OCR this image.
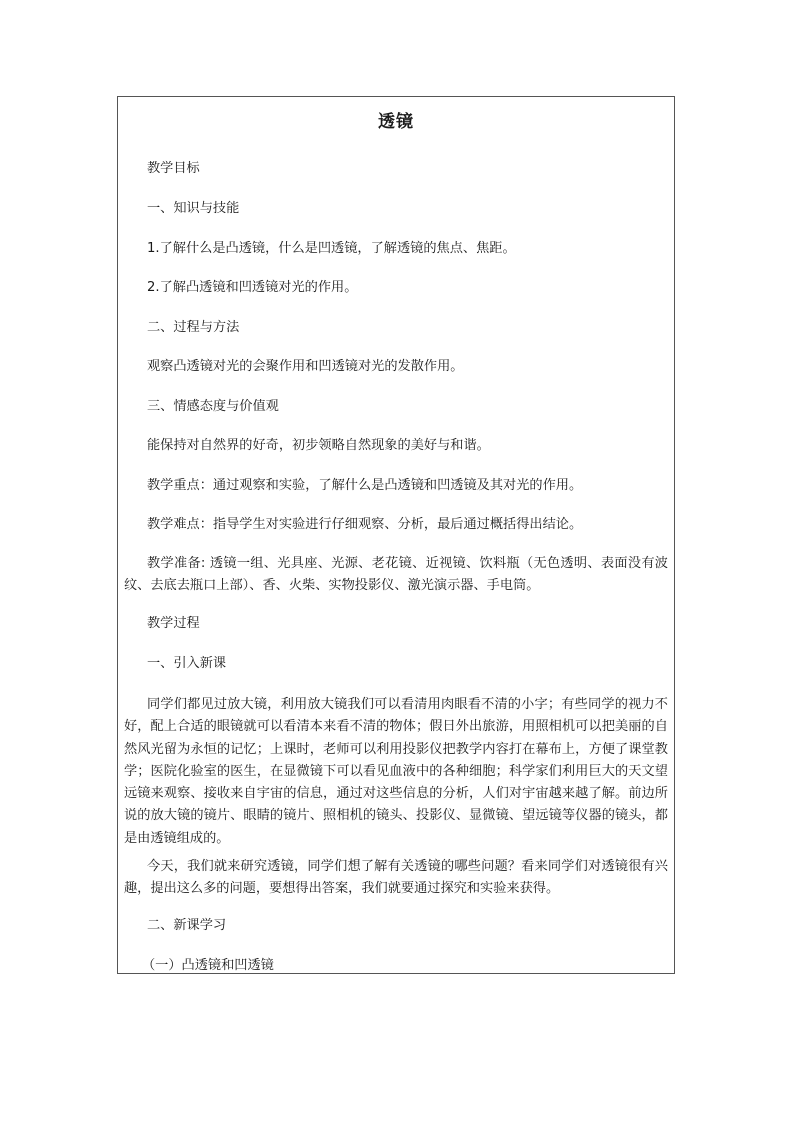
透镜

教学目标

一、知识与技能

1.了解什么是凸透镜，什么是凹透镜，了解透镜的焦点、焦距。

2.了解凸透镜和凹透镜对光的作用。

二、过程与方法

观察凸透镜对光的会聚作用和凹透镜对光的发散作用。

三、情感态度与价值观

能保持对自然界的好奇，初步领略自然现象的美好与和谐。

教学重点：通过观察和实验，了解什么是凸透镜和凹透镜及其对光的作用。

教学难点：指导学生对实验进行仔细观察、分析，最后通过概括得出结论。

教学准备: 透镜一组、光具座、光源、老花镜、近视镜、饮料瓶（无色透明、表面没有波纹、去底去瓶口上部）、香、火柴、实物投影仪、激光演示器、手电筒。

教学过程

一、引入新课

同学们都见过放大镜，利用放大镜我们可以看清用肉眼看不清的小字；有些同学的视力不好，配上合适的眼镜就可以看清本来看不清的物体；假日外出旅游，用照相机可以把美丽的自然风光留为永恒的记忆；上课时，老师可以利用投影仪把教学内容打在幕布上，方便了课堂教学；医院化验室的医生，在显微镜下可以看见血液中的各种细胞；科学家们利用巨大的天文望远镜来观察、接收来自宇宙的信息，通过对这些信息的分析，人们对宇宙越来越了解。前边所说的放大镜的镜片、眼睛的镜片、照相机的镜头、投影仪、显微镜、望远镜等仪器的镜头，都是由透镜组成的。

今天，我们就来研究透镜，同学们想了解有关透镜的哪些问题？看来同学们对透镜很有兴趣，提出这么多的问题，要想得出答案，我们就要通过探究和实验来获得。

二、新课学习

（一）凸透镜和凹透镜
